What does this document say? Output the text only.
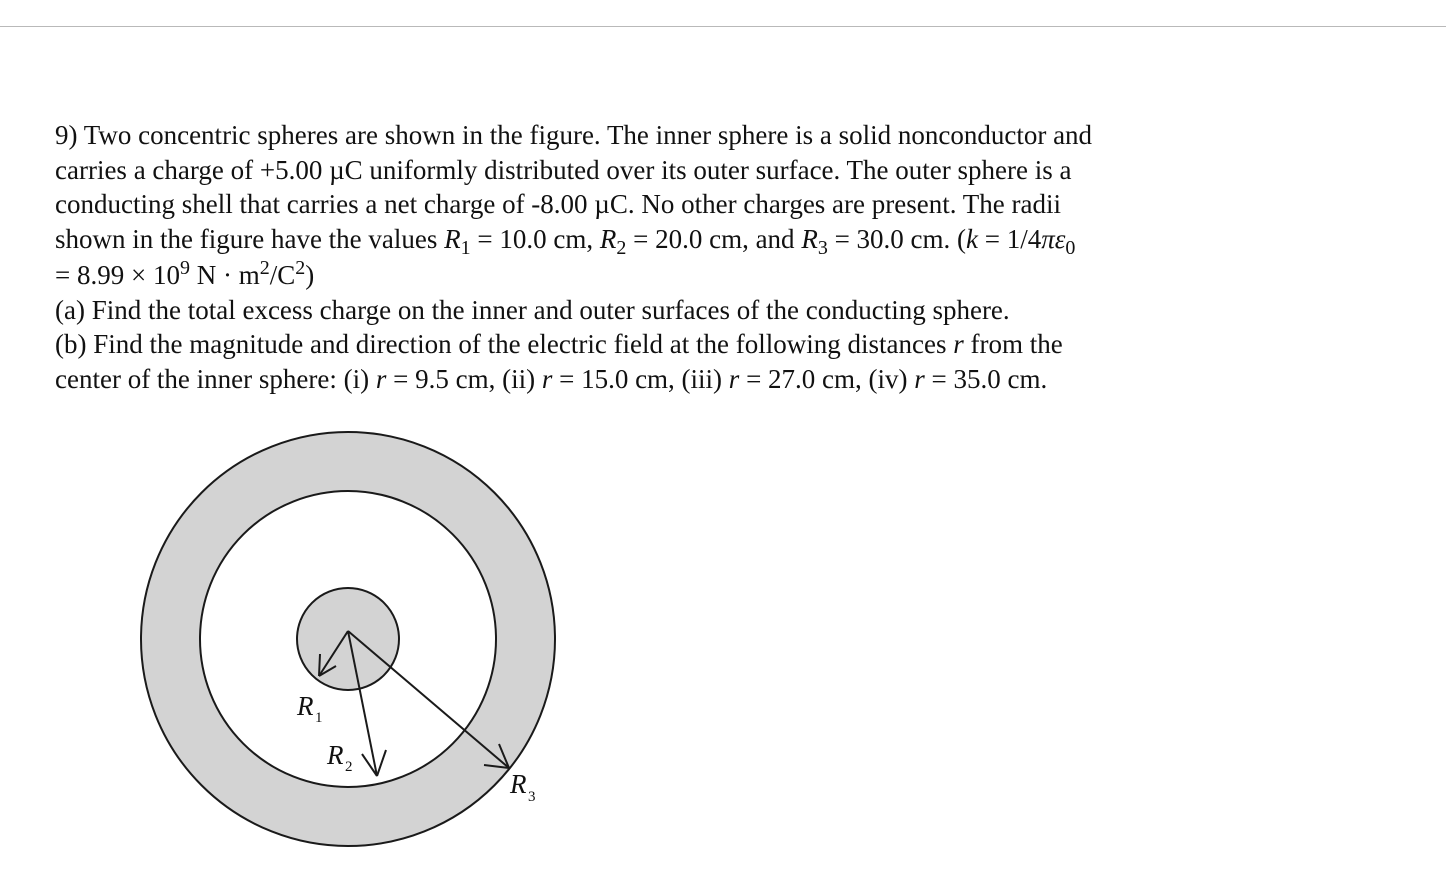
9) Two concentric spheres are shown in the figure. The inner sphere is a solid nonconductor and
carries a charge of +5.00 µC uniformly distributed over its outer surface. The outer sphere is a
conducting shell that carries a net charge of -8.00 µC. No other charges are present. The radii
shown in the figure have the values $R_1 = 10.0$ cm, $R_2 = 20.0$ cm, and $R_3 = 30.0$ cm. ($k = 1/4\pi\varepsilon_0$
= $8.99 \times 10^9$ $N \cdot m^2/C^2$)
(a) Find the total excess charge on the inner and outer surfaces of the conducting sphere.
(b) Find the magnitude and direction of the electric field at the following distances r from the
center of the inner sphere: (i) r = 9.5 cm, (ii) r = 15.0 cm, (iii) r = 27.0 cm, (iv) r = 35.0 cm.
R 1
R 2
R 3
